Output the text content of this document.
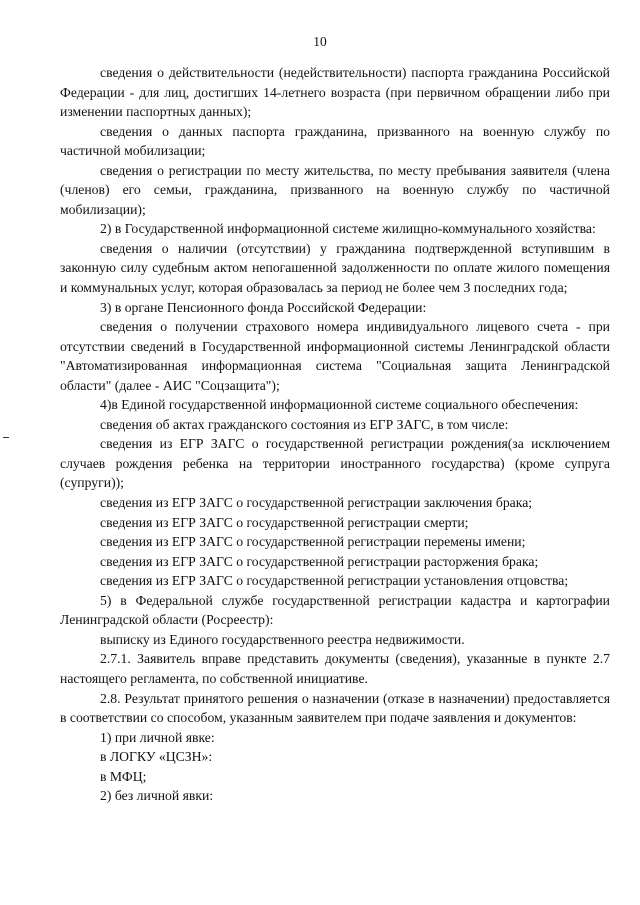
10

сведения о действительности (недействительности) паспорта гражданина Российской Федерации - для лиц, достигших 14-летнего возраста (при первичном обращении либо при изменении паспортных данных);

сведения о данных паспорта гражданина, призванного на военную службу по частичной мобилизации;

сведения о регистрации по месту жительства, по месту пребывания заявителя (члена (членов) его семьи, гражданина, призванного на военную службу по частичной мобилизации);

2) в Государственной информационной системе жилищно-коммунального хозяйства:

сведения о наличии (отсутствии) у гражданина подтвержденной вступившим в законную силу судебным актом непогашенной задолженности по оплате жилого помещения и коммунальных услуг, которая образовалась за период не более чем 3 последних года;

3) в органе Пенсионного фонда Российской Федерации:

сведения о получении страхового номера индивидуального лицевого счета - при отсутствии сведений в Государственной информационной системы Ленинградской области "Автоматизированная информационная система "Социальная защита Ленинградской области" (далее - АИС "Соцзащита");

4)в Единой государственной информационной системе социального обеспечения:

сведения об актах гражданского состояния из ЕГР ЗАГС, в том числе:

сведения из ЕГР ЗАГС о государственной регистрации рождения(за исключением случаев рождения ребенка на территории иностранного государства) (кроме супруга (супруги));

сведения из ЕГР ЗАГС о государственной регистрации заключения брака;

сведения из ЕГР ЗАГС о государственной регистрации смерти;

сведения из ЕГР ЗАГС о государственной регистрации перемены имени;

сведения из ЕГР ЗАГС о государственной регистрации расторжения брака;

сведения из ЕГР ЗАГС о государственной регистрации установления отцовства;

5) в Федеральной службе государственной регистрации кадастра и картографии Ленинградской области (Росреестр):

выписку из Единого государственного реестра недвижимости.

2.7.1. Заявитель вправе представить документы (сведения), указанные в пункте 2.7 настоящего регламента, по собственной инициативе.

2.8. Результат принятого решения о назначении (отказе в назначении) предоставляется в соответствии со способом, указанным заявителем при подаче заявления и документов:

1) при личной явке:

в ЛОГКУ «ЦСЗН»:

в МФЦ;

2) без личной явки:
